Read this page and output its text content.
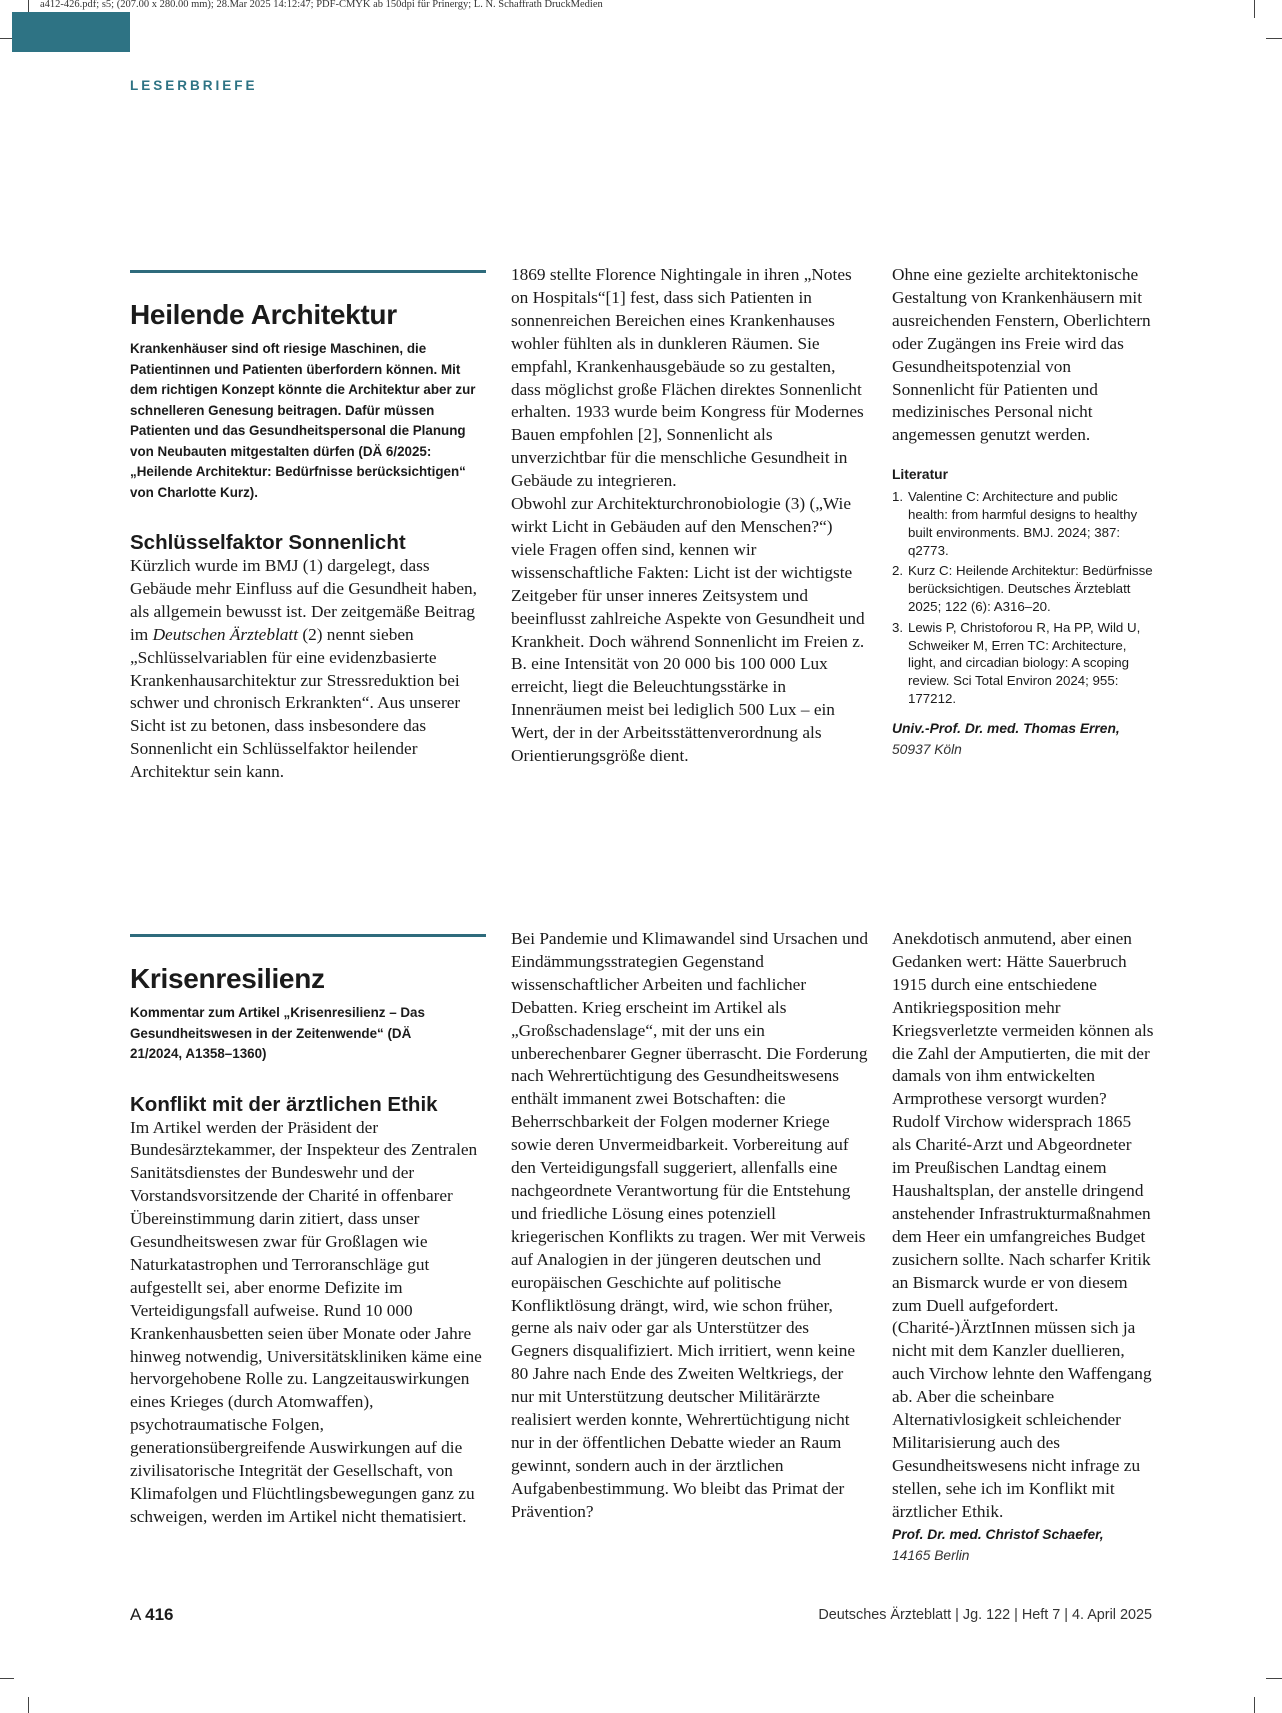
a412-426.pdf; s5; (207.00 x 280.00 mm); 28.Mar 2025 14:12:47; PDF-CMYK ab 150dpi für Prinergy; L. N. Schaffrath DruckMedien
LESERBRIEFE
Heilende Architektur

Krankenhäuser sind oft riesige Maschinen, die Patientinnen und Patienten überfordern können. Mit dem richtigen Konzept könnte die Architektur aber zur schnelleren Genesung beitragen. Dafür müssen Patienten und das Gesundheitspersonal die Planung von Neubauten mitgestalten dürfen (DÄ 6/2025: „Heilende Architektur: Bedürfnisse berücksichtigen“ von Charlotte Kurz).

Schlüsselfaktor Sonnenlicht

Kürzlich wurde im BMJ (1) dargelegt, dass Gebäude mehr Einfluss auf die Gesundheit haben, als allgemein bewusst ist. Der zeitgemäße Beitrag im Deutschen Ärzteblatt (2) nennt sieben „Schlüsselvariablen für eine evidenzbasierte Krankenhausarchitektur zur Stressreduktion bei schwer und chronisch Erkrankten“. Aus unserer Sicht ist zu betonen, dass insbesondere das Sonnenlicht ein Schlüsselfaktor heilender Architektur sein kann.

1869 stellte Florence Nightingale in ihren „Notes on Hospitals“[1] fest, dass sich Patienten in sonnenreichen Bereichen eines Krankenhauses wohler fühlten als in dunkleren Räumen. Sie empfahl, Krankenhausgebäude so zu gestalten, dass möglichst große Flächen direktes Sonnenlicht erhalten. 1933 wurde beim Kongress für Modernes Bauen empfohlen [2], Sonnenlicht als unverzichtbar für die menschliche Gesundheit in Gebäude zu integrieren.

Obwohl zur Architekturchronobiologie (3) („Wie wirkt Licht in Gebäuden auf den Menschen?“) viele Fragen offen sind, kennen wir wissenschaftliche Fakten: Licht ist der wichtigste Zeitgeber für unser inneres Zeitsystem und beeinflusst zahlreiche Aspekte von Gesundheit und Krankheit. Doch während Sonnenlicht im Freien z. B. eine Intensität von 20 000 bis 100 000 Lux erreicht, liegt die Beleuchtungsstärke in Innenräumen meist bei lediglich 500 Lux – ein Wert, der in der Arbeitsstättenverordnung als Orientierungsgröße dient.

Ohne eine gezielte architektonische Gestaltung von Krankenhäusern mit ausreichenden Fenstern, Oberlichtern oder Zugängen ins Freie wird das Gesundheitspotenzial von Sonnenlicht für Patienten und medizinisches Personal nicht angemessen genutzt werden.

Literatur
1. Valentine C: Architecture and public health: from harmful designs to healthy built environments. BMJ. 2024; 387: q2773.
2. Kurz C: Heilende Architektur: Bedürfnisse berücksichtigen. Deutsches Ärzteblatt 2025; 122 (6): A316–20.
3. Lewis P, Christoforou R, Ha PP, Wild U, Schweiker M, Erren TC: Architecture, light, and circadian biology: A scoping review. Sci Total Environ 2024; 955: 177212.
Univ.-Prof. Dr. med. Thomas Erren,
50937 Köln
Krisenresilienz

Kommentar zum Artikel „Krisenresilienz – Das Gesundheitswesen in der Zeitenwende“ (DÄ 21/2024, A1358–1360)

Konflikt mit der ärztlichen Ethik

Im Artikel werden der Präsident der Bundesärztekammer, der Inspekteur des Zentralen Sanitätsdienstes der Bundeswehr und der Vorstandsvorsitzende der Charité in offenbarer Übereinstimmung darin zitiert, dass unser Gesundheitswesen zwar für Großlagen wie Naturkatastrophen und Terroranschläge gut aufgestellt sei, aber enorme Defizite im Verteidigungsfall aufweise. Rund 10 000 Krankenhausbetten seien über Monate oder Jahre hinweg notwendig, Universitätskliniken käme eine hervorgehobene Rolle zu. Langzeitauswirkungen eines Krieges (durch Atomwaffen), psychotraumatische Folgen, generationsübergreifende Auswirkungen auf die zivilisatorische Integrität der Gesellschaft, von Klimafolgen und Flüchtlingsbewegungen ganz zu schweigen, werden im Artikel nicht thematisiert.

Bei Pandemie und Klimawandel sind Ursachen und Eindämmungsstrategien Gegenstand wissenschaftlicher Arbeiten und fachlicher Debatten. Krieg erscheint im Artikel als „Großschadenslage“, mit der uns ein unberechenbarer Gegner überrascht. Die Forderung nach Wehrertüchtigung des Gesundheitswesens enthält immanent zwei Botschaften: die Beherrschbarkeit der Folgen moderner Kriege sowie deren Unvermeidbarkeit. Vorbereitung auf den Verteidigungsfall suggeriert, allenfalls eine nachgeordnete Verantwortung für die Entstehung und friedliche Lösung eines potenziell kriegerischen Konflikts zu tragen. Wer mit Verweis auf Analogien in der jüngeren deutschen und europäischen Geschichte auf politische Konfliktlösung drängt, wird, wie schon früher, gerne als naiv oder gar als Unterstützer des Gegners disqualifiziert. Mich irritiert, wenn keine 80 Jahre nach Ende des Zweiten Weltkriegs, der nur mit Unterstützung deutscher Militärärzte realisiert werden konnte, Wehrertüchtigung nicht nur in der öffentlichen Debatte wieder an Raum gewinnt, sondern auch in der ärztlichen Aufgabenbestimmung. Wo bleibt das Primat der Prävention?

Anekdotisch anmutend, aber einen Gedanken wert: Hätte Sauerbruch 1915 durch eine entschiedene Antikriegsposition mehr Kriegsverletzte vermeiden können als die Zahl der Amputierten, die mit der damals von ihm entwickelten Armprothese versorgt wurden?

Rudolf Virchow widersprach 1865 als Charité-Arzt und Abgeordneter im Preußischen Landtag einem Haushaltsplan, der anstelle dringend anstehender Infrastrukturmaßnahmen dem Heer ein umfangreiches Budget zusichern sollte. Nach scharfer Kritik an Bismarck wurde er von diesem zum Duell aufgefordert. (Charité-)ÄrztInnen müssen sich ja nicht mit dem Kanzler duellieren, auch Virchow lehnte den Waffengang ab. Aber die scheinbare Alternativlosigkeit schleichender Militarisierung auch des Gesundheitswesens nicht infrage zu stellen, sehe ich im Konflikt mit ärztlicher Ethik.

Prof. Dr. med. Christof Schaefer,
14165 Berlin
A 416	Deutsches Ärzteblatt | Jg. 122 | Heft 7 | 4. April 2025
